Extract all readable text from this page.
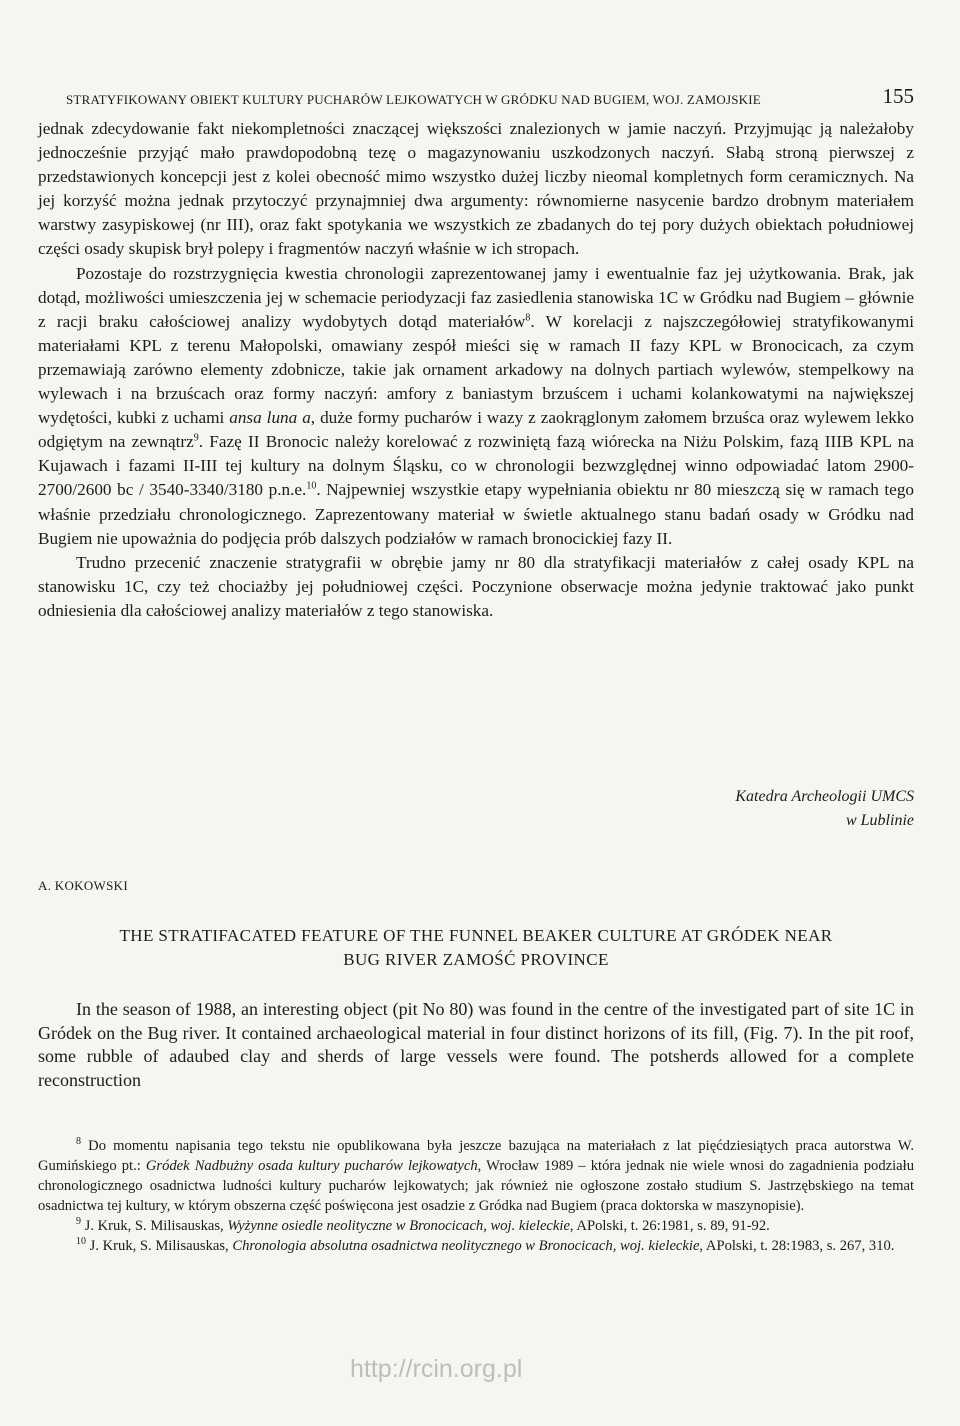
STRATYFIKOWANY OBIEKT KULTURY PUCHARÓW LEJKOWATYCH W GRÓDKU NAD BUGIEM, WOJ. ZAMOJSKIE	155

jednak zdecydowanie fakt niekompletności znaczącej większości znalezionych w jamie naczyń. Przyjmując ją należałoby jednocześnie przyjąć mało prawdopodobną tezę o magazynowaniu uszkodzonych naczyń. Słabą stroną pierwszej z przedstawionych koncepcji jest z kolei obecność mimo wszystko dużej liczby nieomal kompletnych form ceramicznych. Na jej korzyść można jednak przytoczyć przynajmniej dwa argumenty: równomierne nasycenie bardzo drobnym materiałem warstwy zasypiskowej (nr III), oraz fakt spotykania we wszystkich ze zbadanych do tej pory dużych obiektach południowej części osady skupisk brył polepy i fragmentów naczyń właśnie w ich stropach.

Pozostaje do rozstrzygnięcia kwestia chronologii zaprezentowanej jamy i ewentualnie faz jej użytkowania. Brak, jak dotąd, możliwości umieszczenia jej w schemacie periodyzacji faz zasiedlenia stanowiska 1C w Gródku nad Bugiem – głównie z racji braku całościowej analizy wydobytych dotąd materiałów$^8$. W korelacji z najszczegółowiej stratyfikowanymi materiałami KPL z terenu Małopolski, omawiany zespół mieści się w ramach II fazy KPL w Bronocicach, za czym przemawiają zarówno elementy zdobnicze, takie jak ornament arkadowy na dolnych partiach wylewów, stempelkowy na wylewach i na brzuścach oraz formy naczyń: amfory z baniastym brzuścem i uchami kolankowatymi na największej wydętości, kubki z uchami ansa luna a, duże formy pucharów i wazy z zaokrąglonym załomem brzuśca oraz wylewem lekko odgiętym na zewnątrz$^9$. Fazę II Bronocic należy korelować z rozwiniętą fazą wiórecka na Niżu Polskim, fazą IIIB KPL na Kujawach i fazami II-III tej kultury na dolnym Śląsku, co w chronologii bezwzględnej winno odpowiadać latom 2900-2700/2600 bc / 3540-3340/3180 p.n.e.$^{10}$. Najpewniej wszystkie etapy wypełniania obiektu nr 80 mieszczą się w ramach tego właśnie przedziału chronologicznego. Zaprezentowany materiał w świetle aktualnego stanu badań osady w Gródku nad Bugiem nie upoważnia do podjęcia prób dalszych podziałów w ramach bronocickiej fazy II.

Trudno przecenić znaczenie stratygrafii w obrębie jamy nr 80 dla stratyfikacji materiałów z całej osady KPL na stanowisku 1C, czy też chociażby jej południowej części. Poczynione obserwacje można jedynie traktować jako punkt odniesienia dla całościowej analizy materiałów z tego stanowiska.

Katedra Archeologii UMCS

w Lublinie

A. KOKOWSKI
THE STRATIFACATED FEATURE OF THE FUNNEL BEAKER CULTURE AT GRÓDEK NEAR
BUG RIVER ZAMOŚĆ PROVINCE

In the season of 1988, an interesting object (pit No 80) was found in the centre of the investigated part of site 1C in Gródek on the Bug river. It contained archaeological material in four distinct horizons of its fill, (Fig. 7). In the pit roof, some rubble of adaubed clay and sherds of large vessels were found. The potsherds allowed for a complete reconstruction

$^8$ Do momentu napisania tego tekstu nie opublikowana była jeszcze bazująca na materiałach z lat pięćdziesiątych praca autorstwa W. Gumińskiego pt.: Gródek Nadbużny osada kultury pucharów lejkowatych, Wrocław 1989 – która jednak nie wiele wnosi do zagadnienia podziału chronologicznego osadnictwa ludności kultury pucharów lejkowatych; jak również nie ogłoszone zostało studium S. Jastrzębskiego na temat osadnictwa tej kultury, w którym obszerna część poświęcona jest osadzie z Gródka nad Bugiem (praca doktorska w maszynopisie).

$^9$ J. Kruk, S. Milisauskas, Wyżynne osiedle neolityczne w Bronocicach, woj. kieleckie, APolski, t. 26:1981, s. 89, 91-92.

$^{10}$ J. Kruk, S. Milisauskas, Chronologia absolutna osadnictwa neolitycznego w Bronocicach, woj. kieleckie, APolski, t. 28:1983, s. 267, 310.

http://rcin.org.pl
